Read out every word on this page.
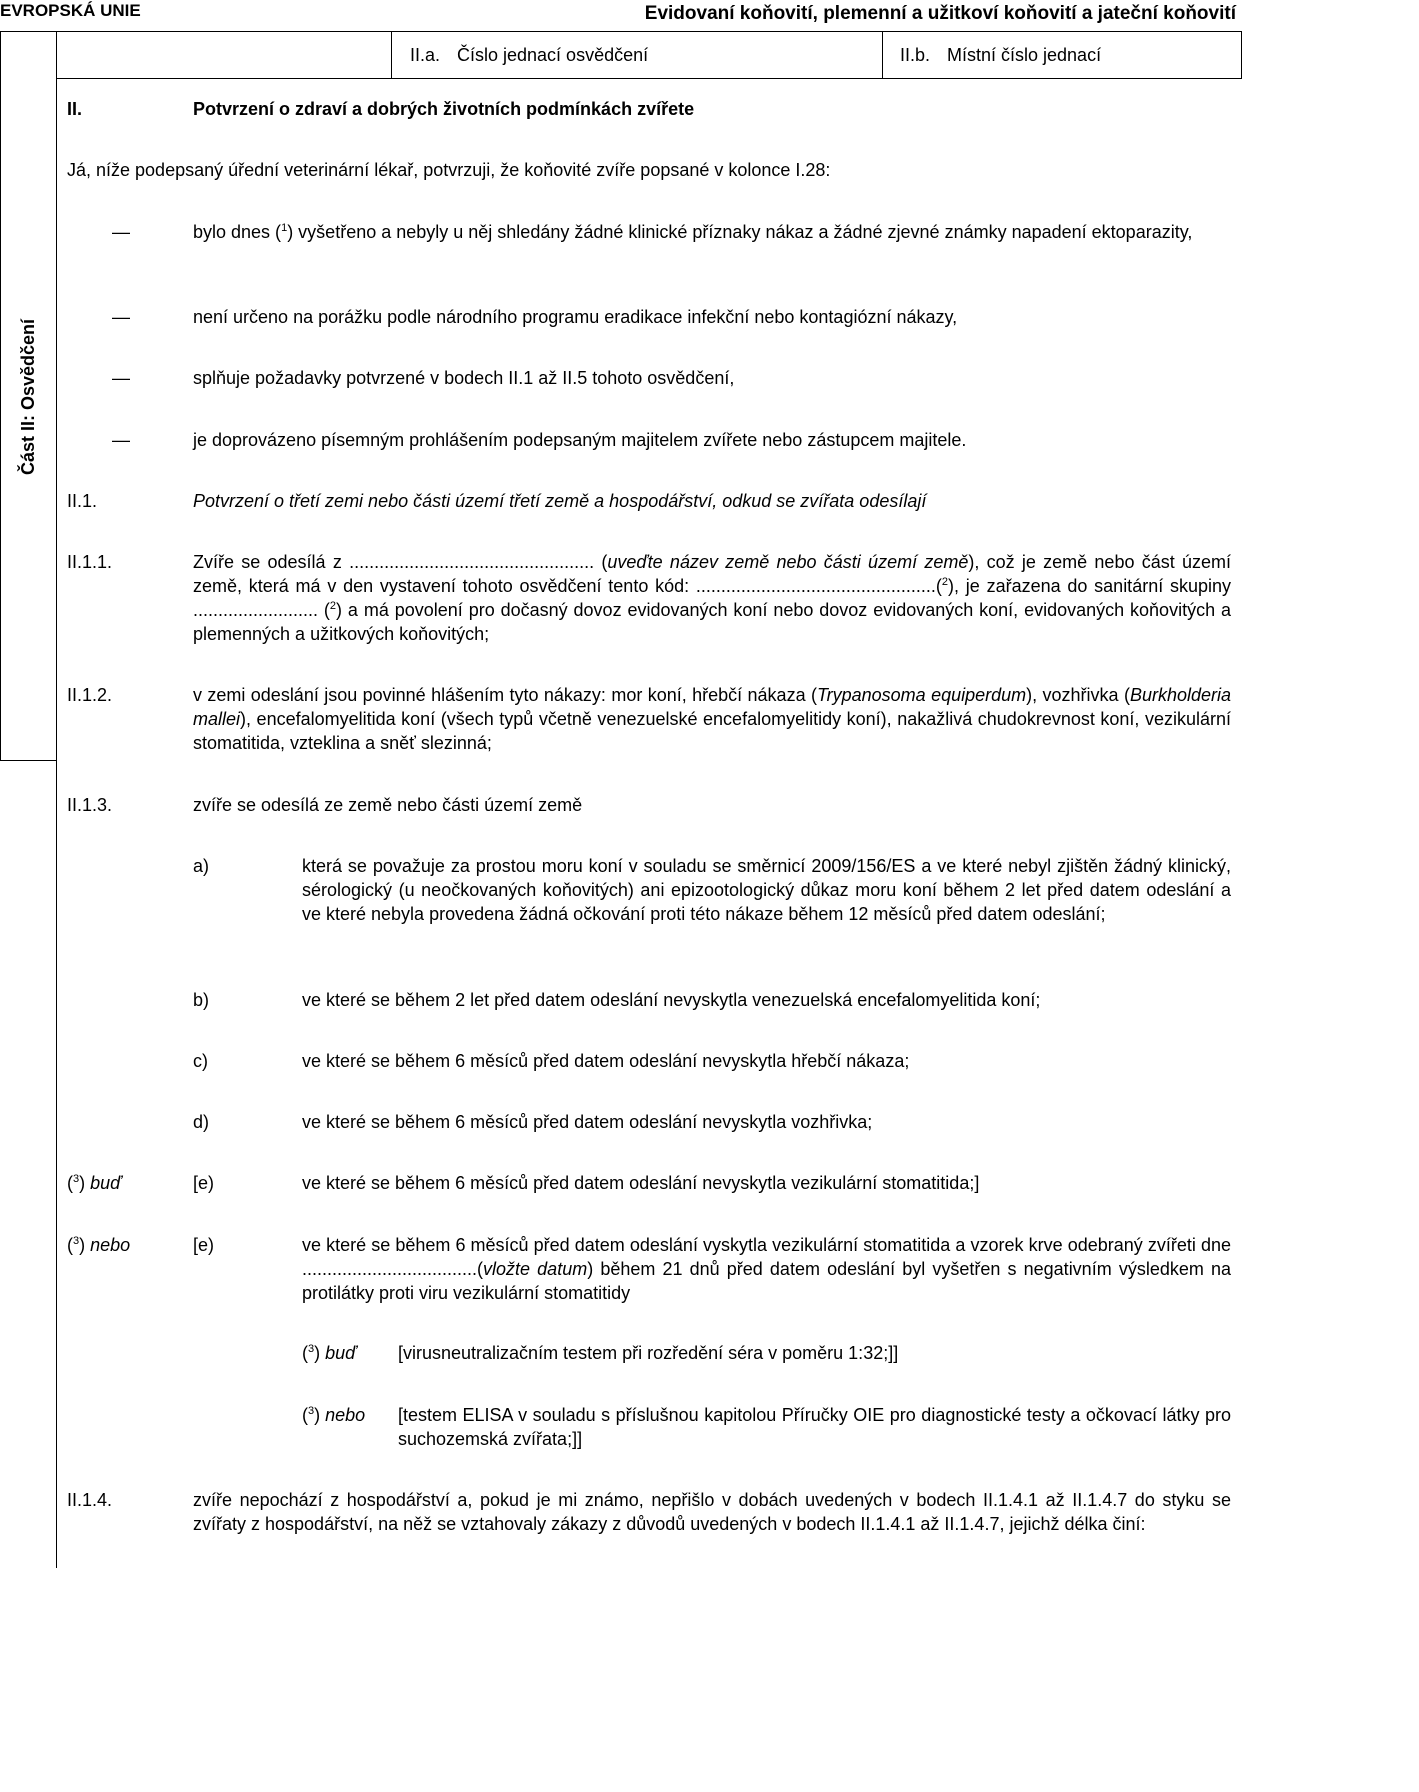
EVROPSKÁ UNIE	Evidovaní koňovití, plemenní a užitkoví koňovití a jateční koňovití
Část II: Osvědčení
II.a. Číslo jednací osvědčení	II.b. Místní číslo jednací
II.	Potvrzení o zdraví a dobrých životních podmínkách zvířete
Já, níže podepsaný úřední veterinární lékař, potvrzuji, že koňovité zvíře popsané v kolonce I.28:
—	bylo dnes ($^1$) vyšetřeno a nebyly u něj shledány žádné klinické příznaky nákaz a žádné zjevné známky napadení ektoparazity,
—	není určeno na porážku podle národního programu eradikace infekční nebo kontagiózní nákazy,
—	splňuje požadavky potvrzené v bodech II.1 až II.5 tohoto osvědčení,
—	je doprovázeno písemným prohlášením podepsaným majitelem zvířete nebo zástupcem majitele.
II.1.	Potvrzení o třetí zemi nebo části území třetí země a hospodářství, odkud se zvířata odesílají
II.1.1.	Zvíře se odesílá z ................................................. (uveďte název země nebo části území země), což je země nebo část území země, která má v den vystavení tohoto osvědčení tento kód: ................................................($^2$), je zařazena do sanitární skupiny ......................... ($^2$) a má povolení pro dočasný dovoz evidovaných koní nebo dovoz evidovaných koní, evidovaných koňovitých a plemenných a užitkových koňovitých;
II.1.2.	v zemi odeslání jsou povinné hlášením tyto nákazy: mor koní, hřebčí nákaza (Trypanosoma equiperdum), vozhřivka (Burkholderia mallei), encefalomyelitida koní (všech typů včetně venezuelské encefalomyelitidy koní), nakažlivá chudokrevnost koní, vezikulární stomatitida, vzteklina a sněť slezinná;
II.1.3.	zvíře se odesílá ze země nebo části území země
a)	která se považuje za prostou moru koní v souladu se směrnicí 2009/156/ES a ve které nebyl zjištěn žádný klinický, sérologický (u neočkovaných koňovitých) ani epizootologický důkaz moru koní během 2 let před datem odeslání a ve které nebyla provedena žádná očkování proti této nákaze během 12 měsíců před datem odeslání;
b)	ve které se během 2 let před datem odeslání nevyskytla venezuelská encefalomyelitida koní;
c)	ve které se během 6 měsíců před datem odeslání nevyskytla hřebčí nákaza;
d)	ve které se během 6 měsíců před datem odeslání nevyskytla vozhřivka;
($^3$) buď	[e)	ve které se během 6 měsíců před datem odeslání nevyskytla vezikulární stomatitida;]
($^3$) nebo	[e)	ve které se během 6 měsíců před datem odeslání vyskytla vezikulární stomatitida a vzorek krve odebraný zvířeti dne ...................................(vložte datum) během 21 dnů před datem odeslání byl vyšetřen s negativním výsledkem na protilátky proti viru vezikulární stomatitidy
($^3$) buď [virusneutralizačním testem při rozředění séra v poměru 1:32;]]
($^3$) nebo [testem ELISA v souladu s příslušnou kapitolou Příručky OIE pro diagnostické testy a očkovací látky pro suchozemská zvířata;]]
II.1.4.	zvíře nepochází z hospodářství a, pokud je mi známo, nepřišlo v dobách uvedených v bodech II.1.4.1 až II.1.4.7 do styku se zvířaty z hospodářství, na něž se vztahovaly zákazy z důvodů uvedených v bodech II.1.4.1 až II.1.4.7, jejichž délka činí:
